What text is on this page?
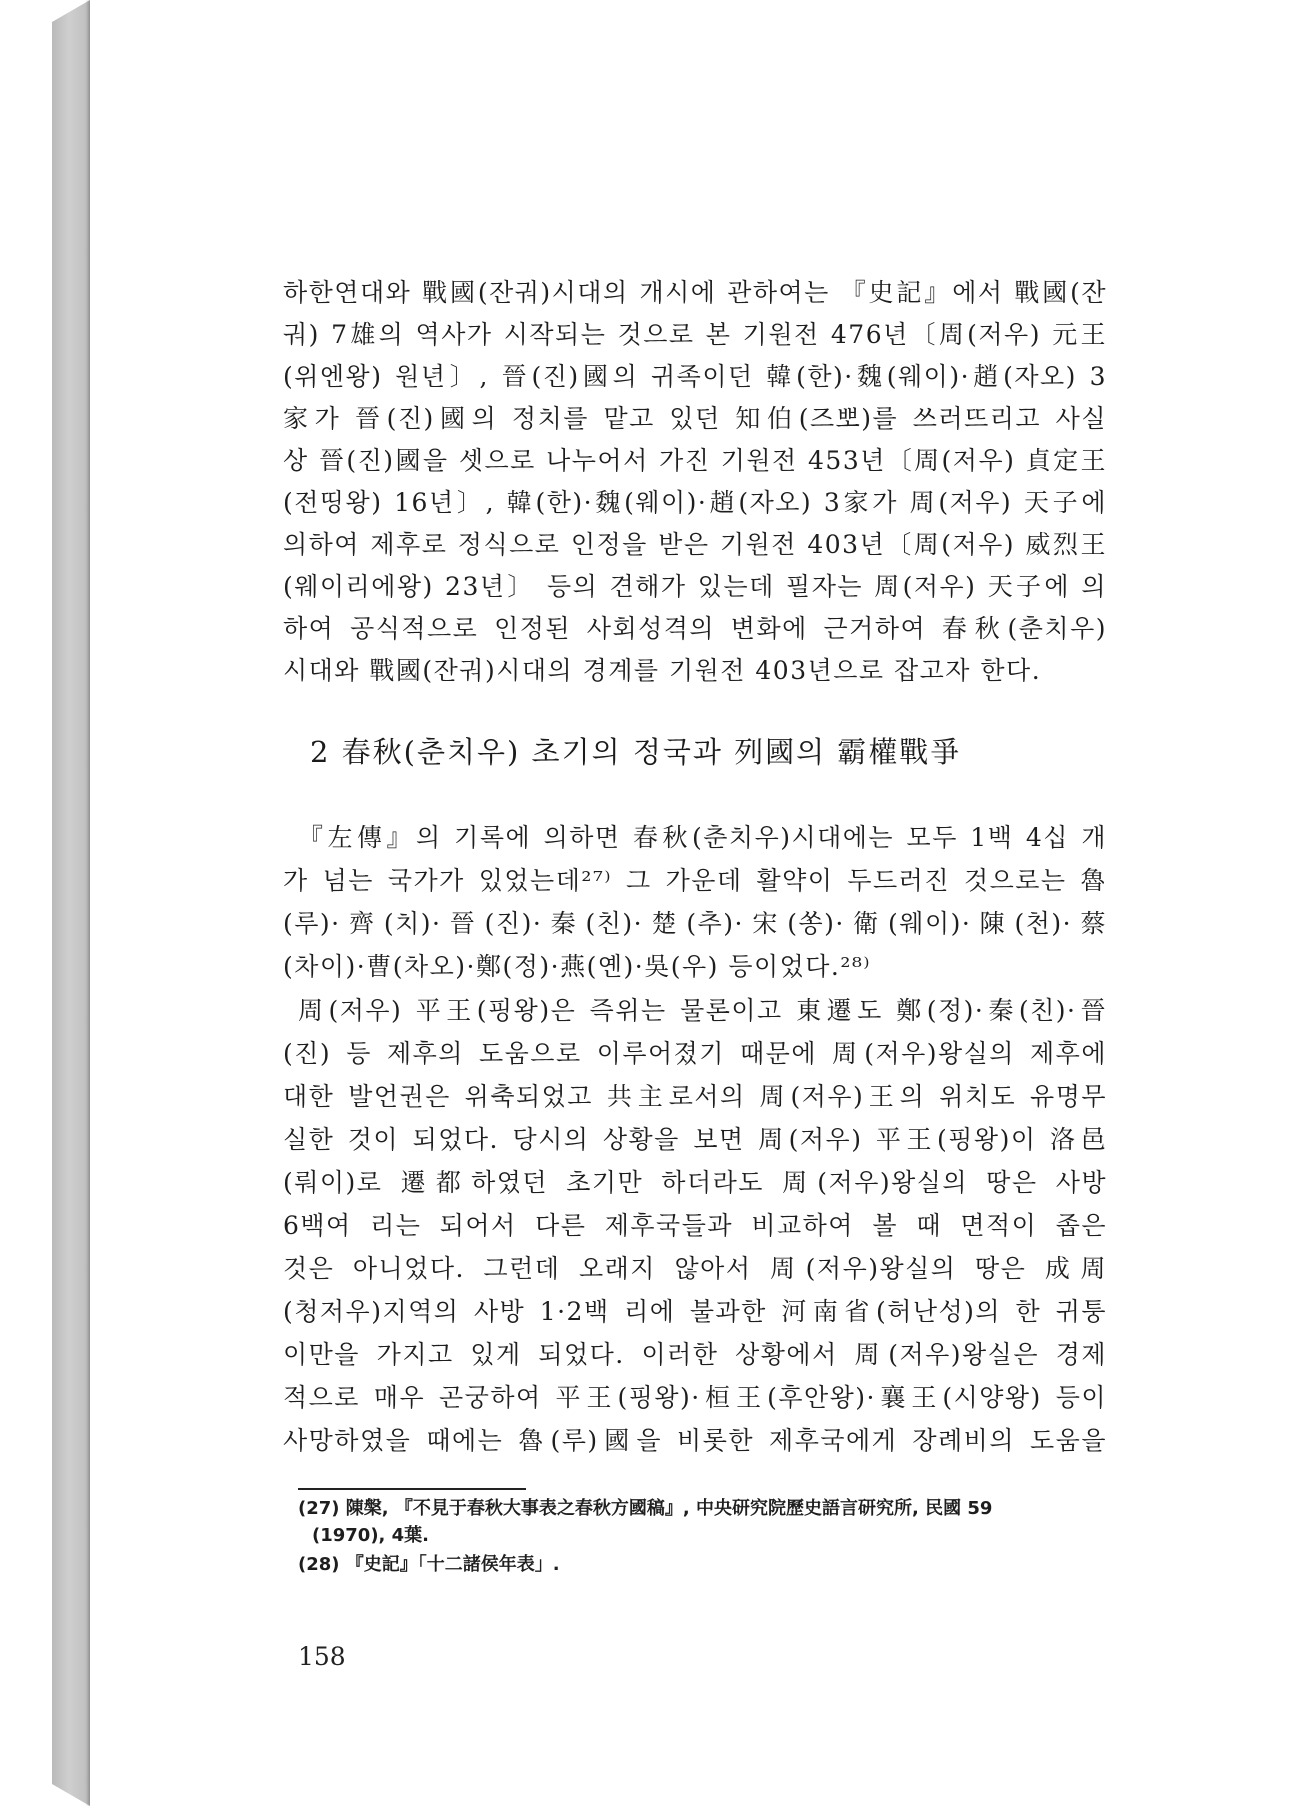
하한연대와 戰國(잔궈)시대의 개시에 관하여는 『史記』에서 戰國(잔
궈) 7雄의 역사가 시작되는 것으로 본 기원전 476년〔周(저우) 元王
(위엔왕) 원년〕, 晉(진)國의 귀족이던 韓(한)·魏(웨이)·趙(자오) 3
家가 晉(진)國의 정치를 맡고 있던 知伯(즈뽀)를 쓰러뜨리고 사실
상 晉(진)國을 셋으로 나누어서 가진 기원전 453년〔周(저우) 貞定王
(전띵왕) 16년〕, 韓(한)·魏(웨이)·趙(자오) 3家가 周(저우) 天子에
의하여 제후로 정식으로 인정을 받은 기원전 403년〔周(저우) 威烈王
(웨이리에왕) 23년〕 등의 견해가 있는데 필자는 周(저우) 天子에 의
하여 공식적으로 인정된 사회성격의 변화에 근거하여 春秋(춘치우)
시대와 戰國(잔궈)시대의 경계를 기원전 403년으로 잡고자 한다.
2 春秋(춘치우) 초기의 정국과 列國의 霸權戰爭
『左傳』의 기록에 의하면 春秋(춘치우)시대에는 모두 1백 4십 개
가 넘는 국가가 있었는데²⁷⁾ 그 가운데 활약이 두드러진 것으로는 魯
(루)·齊(치)·晉(진)·秦(친)·楚(추)·宋(쏭)·衛(웨이)·陳(천)·蔡
(차이)·曹(차오)·鄭(정)·燕(옌)·吳(우) 등이었다.²⁸⁾
周(저우) 平王(핑왕)은 즉위는 물론이고 東遷도 鄭(정)·秦(친)·晉
(진) 등 제후의 도움으로 이루어졌기 때문에 周(저우)왕실의 제후에
대한 발언권은 위축되었고 共主로서의 周(저우)王의 위치도 유명무
실한 것이 되었다. 당시의 상황을 보면 周(저우) 平王(핑왕)이 洛邑
(뤄이)로 遷都하였던 초기만 하더라도 周(저우)왕실의 땅은 사방
6백여 리는 되어서 다른 제후국들과 비교하여 볼 때 면적이 좁은
것은 아니었다. 그런데 오래지 않아서 周(저우)왕실의 땅은 成周
(청저우)지역의 사방 1·2백 리에 불과한 河南省(허난성)의 한 귀퉁
이만을 가지고 있게 되었다. 이러한 상황에서 周(저우)왕실은 경제
적으로 매우 곤궁하여 平王(핑왕)·桓王(후안왕)·襄王(시양왕) 등이
사망하였을 때에는 魯(루)國을 비롯한 제후국에게 장례비의 도움을
(27) 陳槃, 『不見于春秋大事表之春秋方國稿』, 中央研究院歷史語言研究所, 民國 59
(1970), 4葉.
(28) 『史記』「十二諸侯年表」.
158
